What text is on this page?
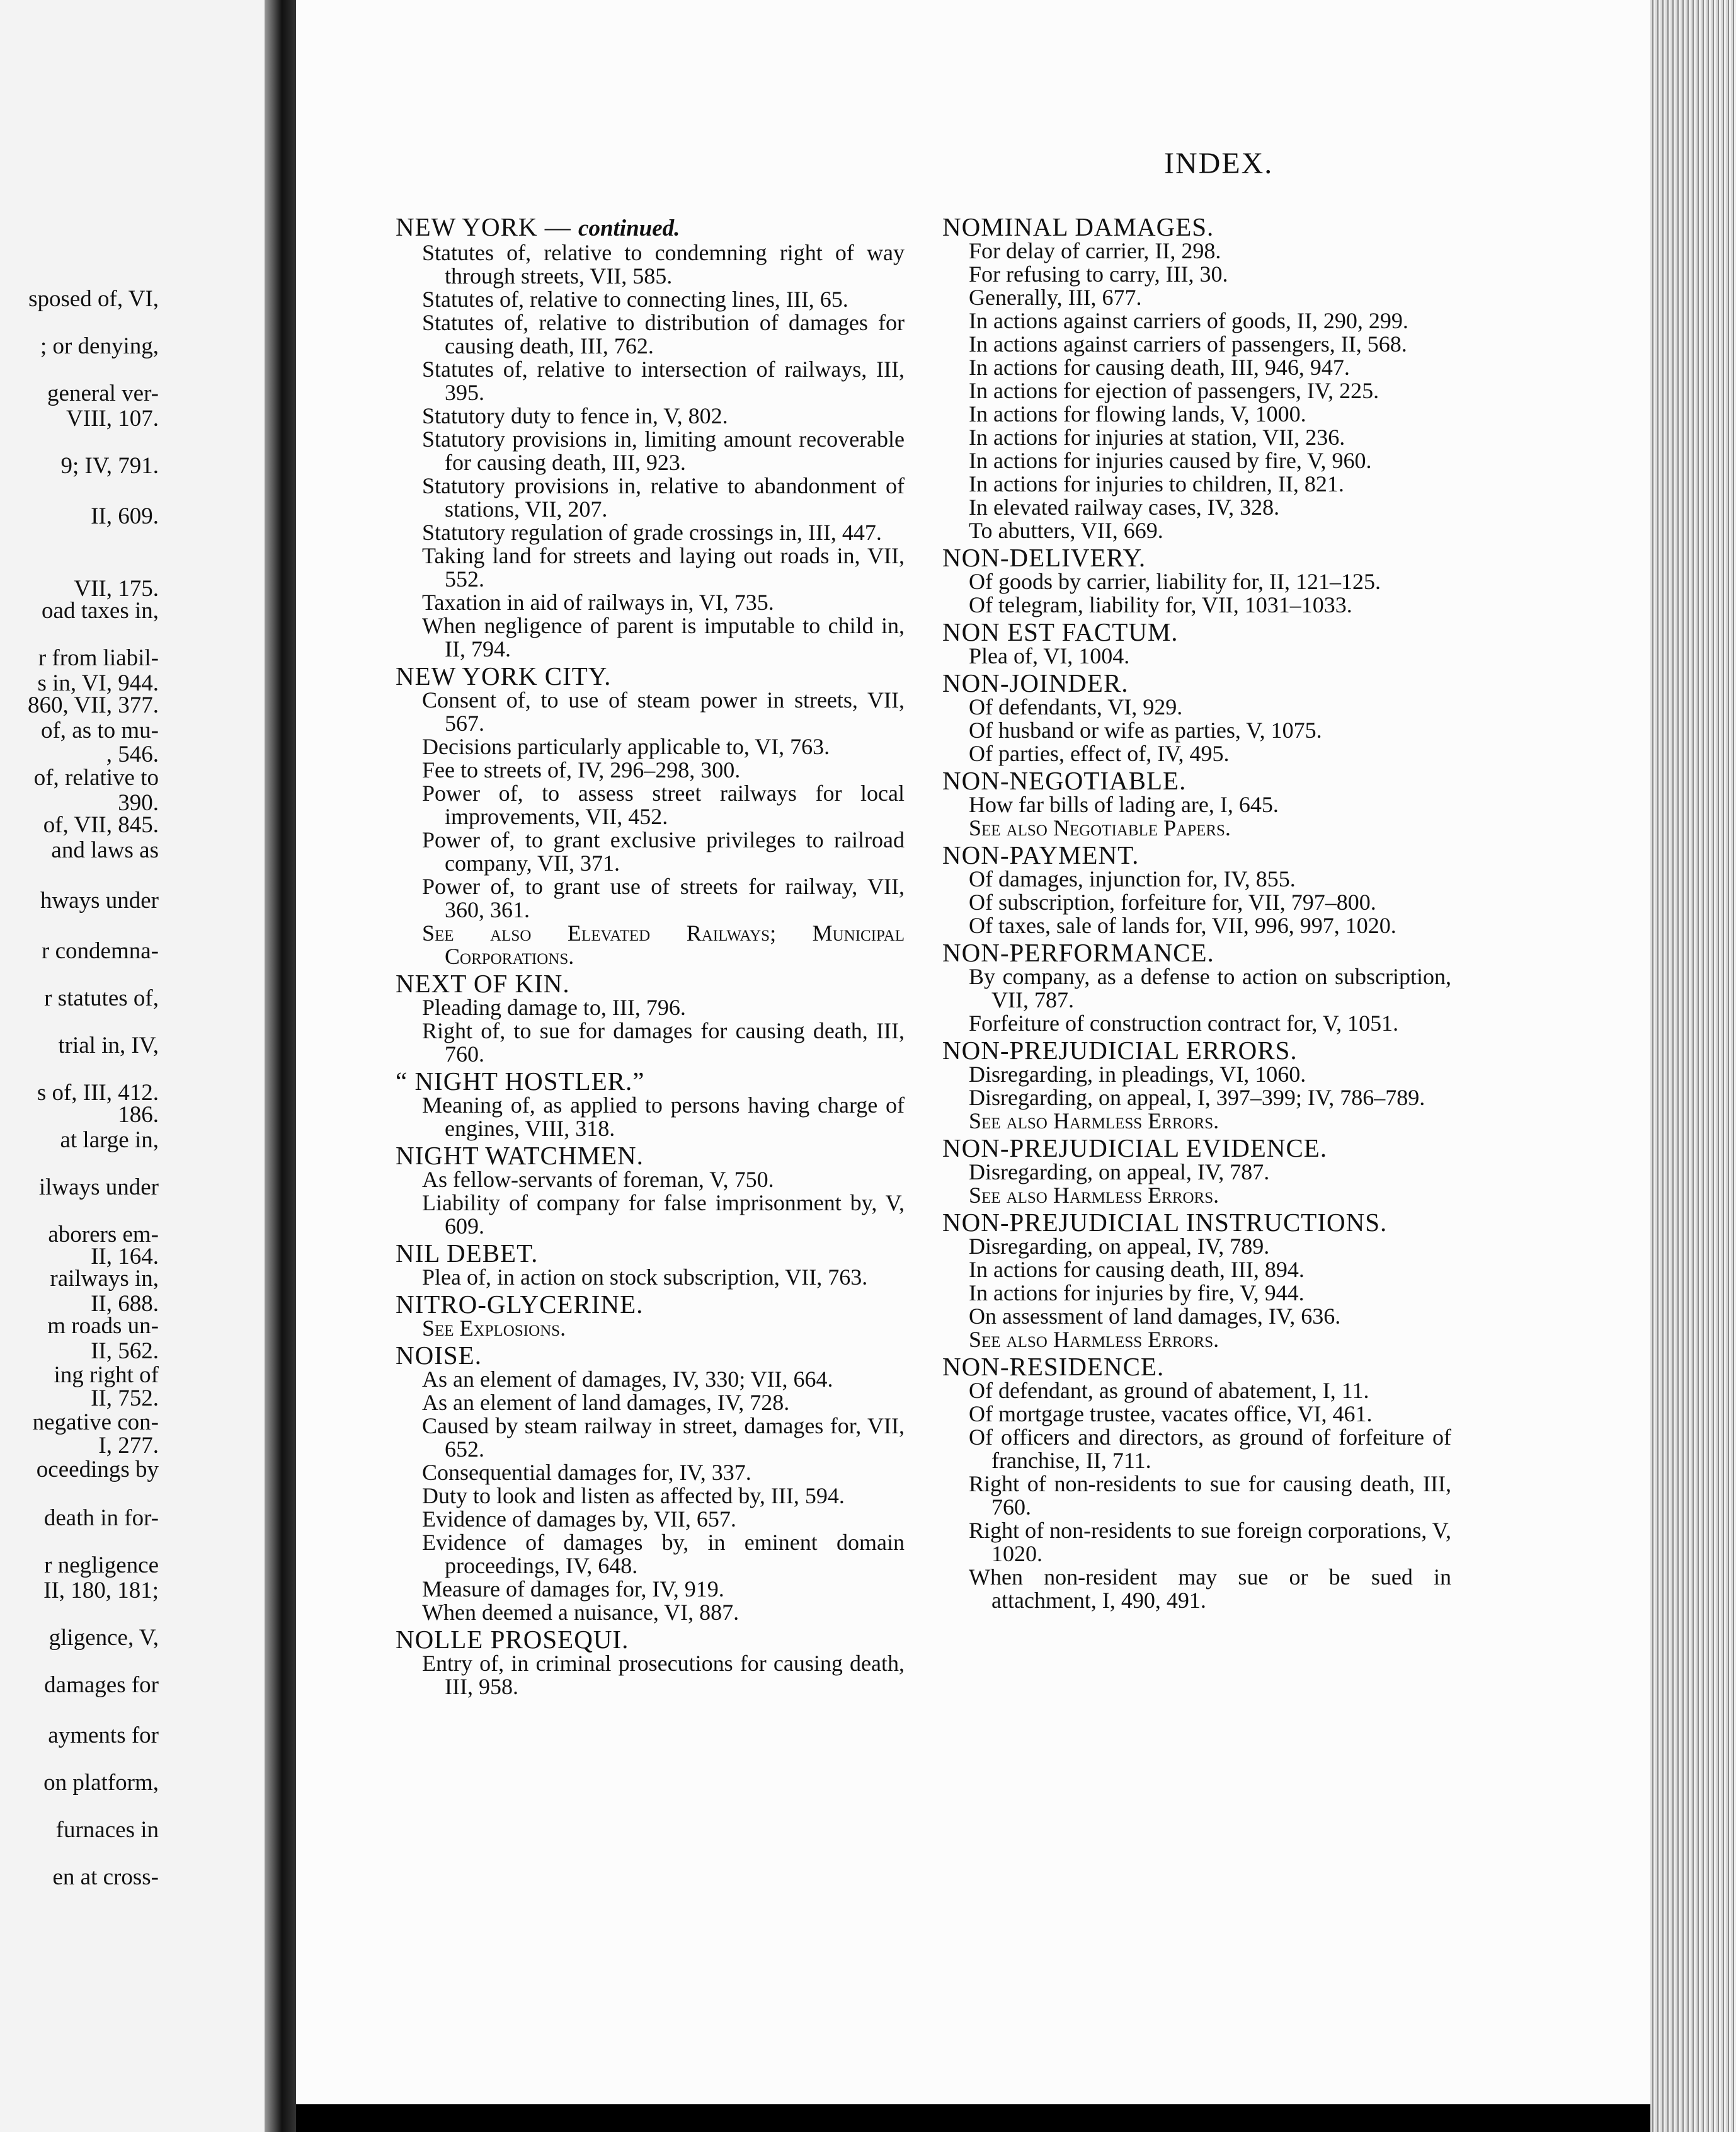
sposed of, VI,
; or denying,
general ver-
VIII, 107.
9; IV, 791.
II, 609.
VII, 175.
oad taxes in,
r from liabil-
s in, VI, 944.
860, VII, 377.
of, as to mu-
, 546.
of, relative to
390.
of, VII, 845.
and laws as
hways under
r condemna-
r statutes of,
trial in, IV,
s of, III, 412.
186.
at large in,
ilways under
aborers em-
II, 164.
railways in,
II, 688.
m roads un-
II, 562.
ing right of
II, 752.
negative con-
I, 277.
oceedings by
death in for-
r negligence
II, 180, 181;
gligence, V,
damages for
ayments for
on platform,
furnaces in
en at cross-
INDEX.
NEW YORK — continued.
Statutes of, relative to condemning right of way through streets, VII, 585.
Statutes of, relative to connecting lines, III, 65.
Statutes of, relative to distribution of damages for causing death, III, 762.
Statutes of, relative to intersection of railways, III, 395.
Statutory duty to fence in, V, 802.
Statutory provisions in, limiting amount recoverable for causing death, III, 923.
Statutory provisions in, relative to abandonment of stations, VII, 207.
Statutory regulation of grade crossings in, III, 447.
Taking land for streets and laying out roads in, VII, 552.
Taxation in aid of railways in, VI, 735.
When negligence of parent is imputable to child in, II, 794.
NEW YORK CITY.
Consent of, to use of steam power in streets, VII, 567.
Decisions particularly applicable to, VI, 763.
Fee to streets of, IV, 296–298, 300.
Power of, to assess street railways for local improvements, VII, 452.
Power of, to grant exclusive privileges to railroad company, VII, 371.
Power of, to grant use of streets for railway, VII, 360, 361.
See also Elevated Railways; Municipal Corporations.
NEXT OF KIN.
Pleading damage to, III, 796.
Right of, to sue for damages for causing death, III, 760.
“ NIGHT HOSTLER.”
Meaning of, as applied to persons having charge of engines, VIII, 318.
NIGHT WATCHMEN.
As fellow-servants of foreman, V, 750.
Liability of company for false imprisonment by, V, 609.
NIL DEBET.
Plea of, in action on stock subscription, VII, 763.
NITRO-GLYCERINE.
See Explosions.
NOISE.
As an element of damages, IV, 330; VII, 664.
As an element of land damages, IV, 728.
Caused by steam railway in street, damages for, VII, 652.
Consequential damages for, IV, 337.
Duty to look and listen as affected by, III, 594.
Evidence of damages by, VII, 657.
Evidence of damages by, in eminent domain proceedings, IV, 648.
Measure of damages for, IV, 919.
When deemed a nuisance, VI, 887.
NOLLE PROSEQUI.
Entry of, in criminal prosecutions for causing death, III, 958.
NOMINAL DAMAGES.
For delay of carrier, II, 298.
For refusing to carry, III, 30.
Generally, III, 677.
In actions against carriers of goods, II, 290, 299.
In actions against carriers of passengers, II, 568.
In actions for causing death, III, 946, 947.
In actions for ejection of passengers, IV, 225.
In actions for flowing lands, V, 1000.
In actions for injuries at station, VII, 236.
In actions for injuries caused by fire, V, 960.
In actions for injuries to children, II, 821.
In elevated railway cases, IV, 328.
To abutters, VII, 669.
NON-DELIVERY.
Of goods by carrier, liability for, II, 121–125.
Of telegram, liability for, VII, 1031–1033.
NON EST FACTUM.
Plea of, VI, 1004.
NON-JOINDER.
Of defendants, VI, 929.
Of husband or wife as parties, V, 1075.
Of parties, effect of, IV, 495.
NON-NEGOTIABLE.
How far bills of lading are, I, 645.
See also Negotiable Papers.
NON-PAYMENT.
Of damages, injunction for, IV, 855.
Of subscription, forfeiture for, VII, 797–800.
Of taxes, sale of lands for, VII, 996, 997, 1020.
NON-PERFORMANCE.
By company, as a defense to action on subscription, VII, 787.
Forfeiture of construction contract for, V, 1051.
NON-PREJUDICIAL ERRORS.
Disregarding, in pleadings, VI, 1060.
Disregarding, on appeal, I, 397–399; IV, 786–789.
See also Harmless Errors.
NON-PREJUDICIAL EVIDENCE.
Disregarding, on appeal, IV, 787.
See also Harmless Errors.
NON-PREJUDICIAL INSTRUCTIONS.
Disregarding, on appeal, IV, 789.
In actions for causing death, III, 894.
In actions for injuries by fire, V, 944.
On assessment of land damages, IV, 636.
See also Harmless Errors.
NON-RESIDENCE.
Of defendant, as ground of abatement, I, 11.
Of mortgage trustee, vacates office, VI, 461.
Of officers and directors, as ground of forfeiture of franchise, II, 711.
Right of non-residents to sue for causing death, III, 760.
Right of non-residents to sue foreign corporations, V, 1020.
When non-resident may sue or be sued in attachment, I, 490, 491.
